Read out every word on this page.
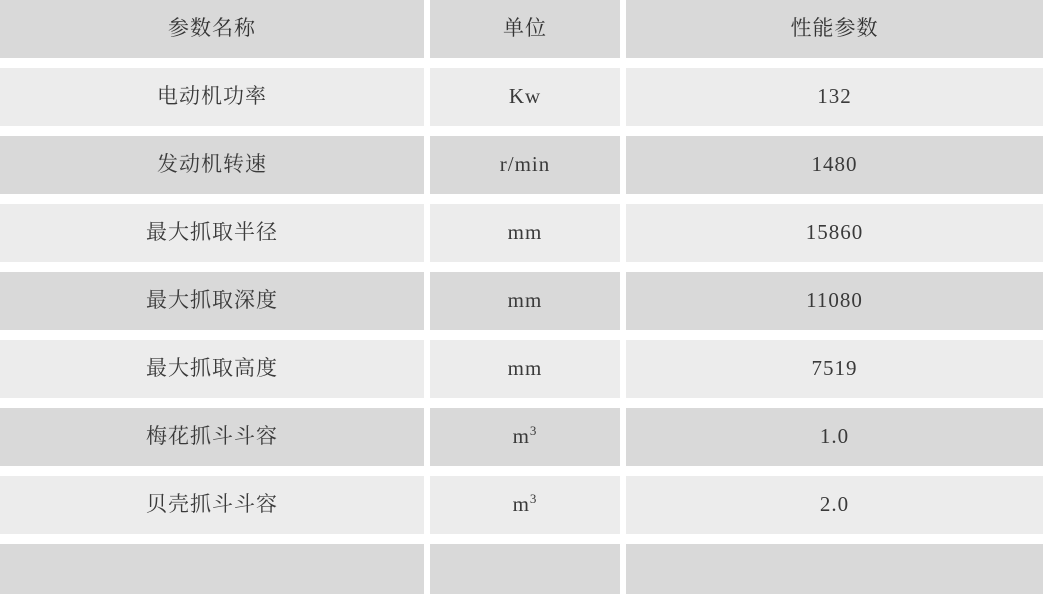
参数名称		单位		性能参数

电动机功率		Kw		132

发动机转速		r/min		1480

最大抓取半径		mm		15860

最大抓取深度		mm		11080

最大抓取高度		mm		7519

梅花抓斗斗容		$m^3$		1.0

贝壳抓斗斗容		$m^3$		2.0
